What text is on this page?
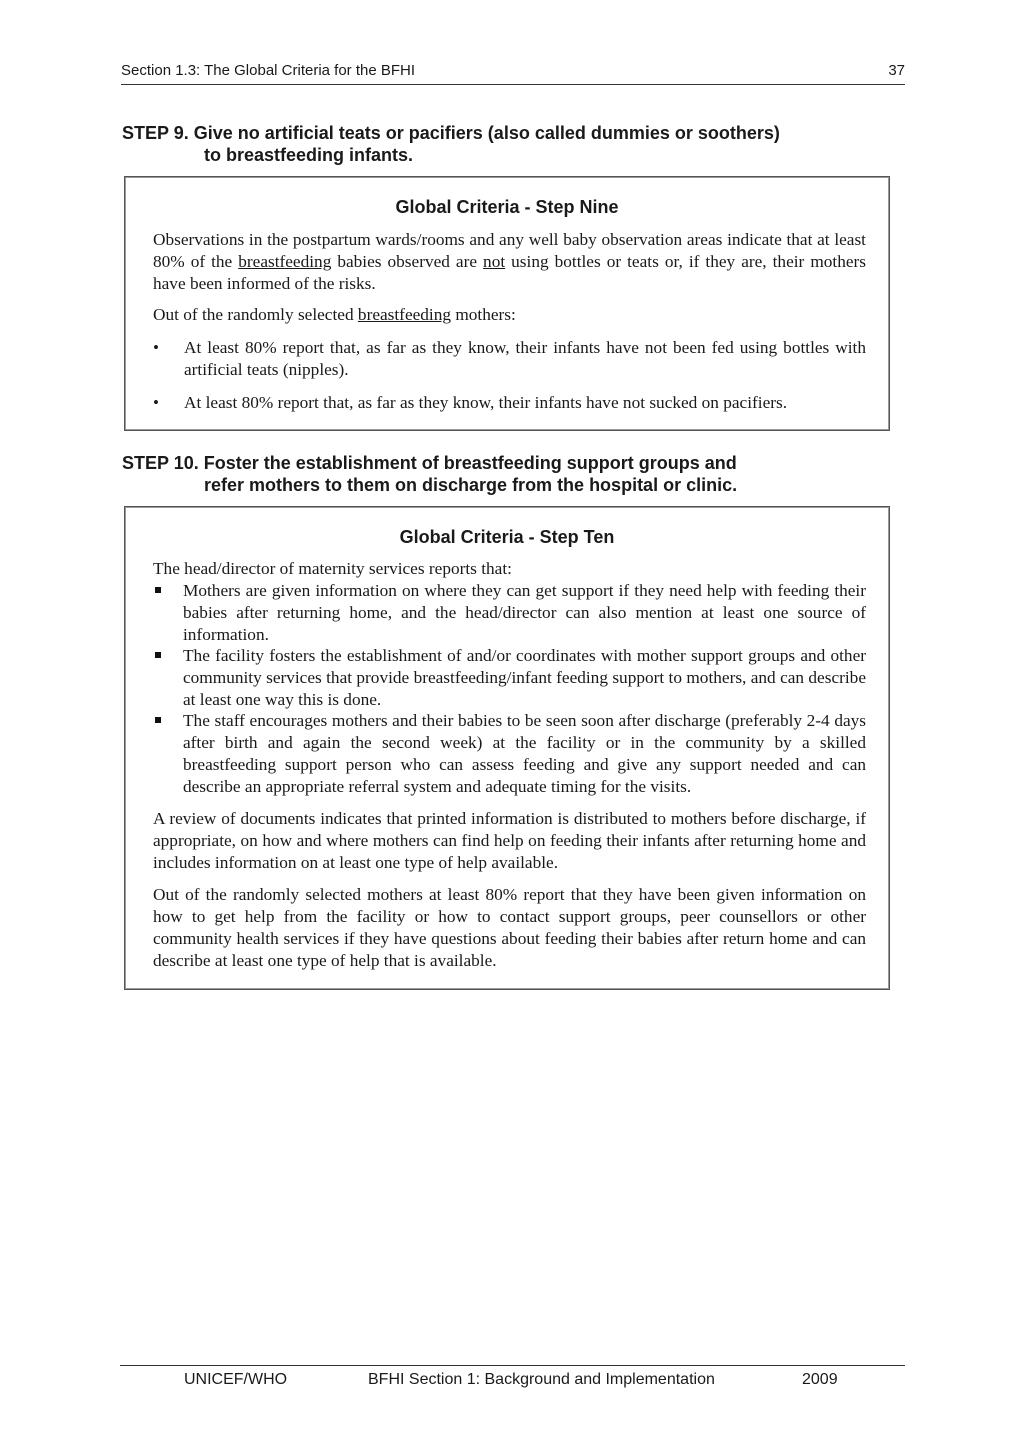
Section 1.3: The Global Criteria for the BFHI	37
STEP 9. Give no artificial teats or pacifiers (also called dummies or soothers)
to breastfeeding infants.
Global Criteria - Step Nine
Observations in the postpartum wards/rooms and any well baby observation areas indicate that at least 80% of the breastfeeding babies observed are not using bottles or teats or, if they are, their mothers have been informed of the risks.
Out of the randomly selected breastfeeding mothers:
•	At least 80% report that, as far as they know, their infants have not been fed using bottles with artificial teats (nipples).
•	At least 80% report that, as far as they know, their infants have not sucked on pacifiers.
STEP 10. Foster the establishment of breastfeeding support groups and
refer mothers to them on discharge from the hospital or clinic.
Global Criteria - Step Ten
The head/director of maternity services reports that:
Mothers are given information on where they can get support if they need help with feeding their babies after returning home, and the head/director can also mention at least one source of information.
The facility fosters the establishment of and/or coordinates with mother support groups and other community services that provide breastfeeding/infant feeding support to mothers, and can describe at least one way this is done.
The staff encourages mothers and their babies to be seen soon after discharge (preferably 2-4 days after birth and again the second week) at the facility or in the community by a skilled breastfeeding support person who can assess feeding and give any support needed and can describe an appropriate referral system and adequate timing for the visits.
A review of documents indicates that printed information is distributed to mothers before discharge, if appropriate, on how and where mothers can find help on feeding their infants after returning home and includes information on at least one type of help available.
Out of the randomly selected mothers at least 80% report that they have been given information on how to get help from the facility or how to contact support groups, peer counsellors or other community health services if they have questions about feeding their babies after return home and can describe at least one type of help that is available.
UNICEF/WHO	BFHI Section 1: Background and Implementation	2009
